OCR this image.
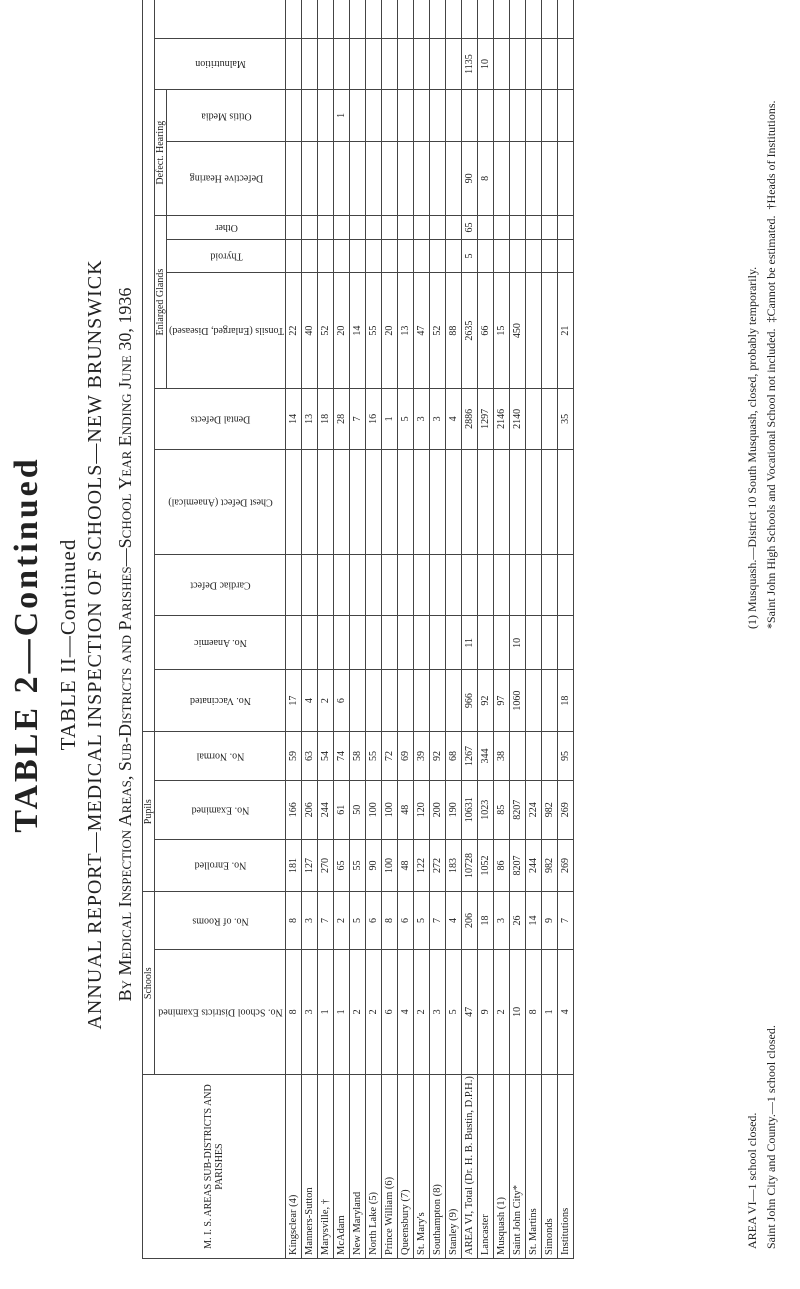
TABLE 2—Continued TABLE II—Continued ANNUAL REPORT—MEDICAL INSPECTION OF SCHOOLS—NEW BRUNSWICK By Medical Inspection Areas, Sub-Districts and Parishes—School Year Ending June 30, 1936
M. I. S. AREAS SUB-DISTRICTS AND PARISHES	Schools		Pupils		
	No. School Districts Examined	No. of Rooms	No. Enrolled	No. Examined	No. Normal	No. Vaccinated	No. Anaemic	Cardiac Defect	Chest Defect (Anaemical)	Dental Defects	Enlarged Glands			Defect. Hearing		Malnutrition														
											Tonsils (Enlarged, Diseased)	Thyroid	Other	Defective Hearing	Otitis Media											
Kingsclear (4)	8	8	181	166	59	17				14	22																												
Manners-Sutton	3	3	127	206	63	4				13	40																												
Marysville, †	1	7	270	244	54	2				18	52																												
McAdam	1	2	65	61	74	6				28	20				1																								
New Maryland	2	5	55	50	58					7	14																												
North Lake (5)	2	6	90	100	55					16	55																												
Prince William (6)	6	8	100	100	72					1	20																												
Queensbury (7)	4	6	48	48	69					5	13																												
St. Mary's	2	5	122	120	39					3	47																												
Southampton (8)	3	7	272	200	92					3	52																												
Stanley (9)	5	4	183	190	68					4	88																												
AREA VI, Total (Dr. H. B. Bustin, D.P.H.)	47	206	10728	10631	1267	966	11			2886	2635	5	65	90		1135																							
Lancaster	9	18	1052	1023	344	92				1297	66			8		10																							
Musquash (1)	2	3	86	85	38	97				2146	15																												
Saint John City*	10	26	8207	8207		1060	10			2140	450																												
St. Martins	8	14	244	224																																			
Simonds	1	9	982	982																																			
Institutions	4	7	269	269	95	18				35	21																												
AREA VI—1 school closed. Saint John City and County.—1 school closed.
(1) Musquash.—District 10 South Musquash, closed, probably temporarily. *Saint John High Schools and Vocational School not included.  ‡Cannot be estimated.  †Heads of Institutions.
